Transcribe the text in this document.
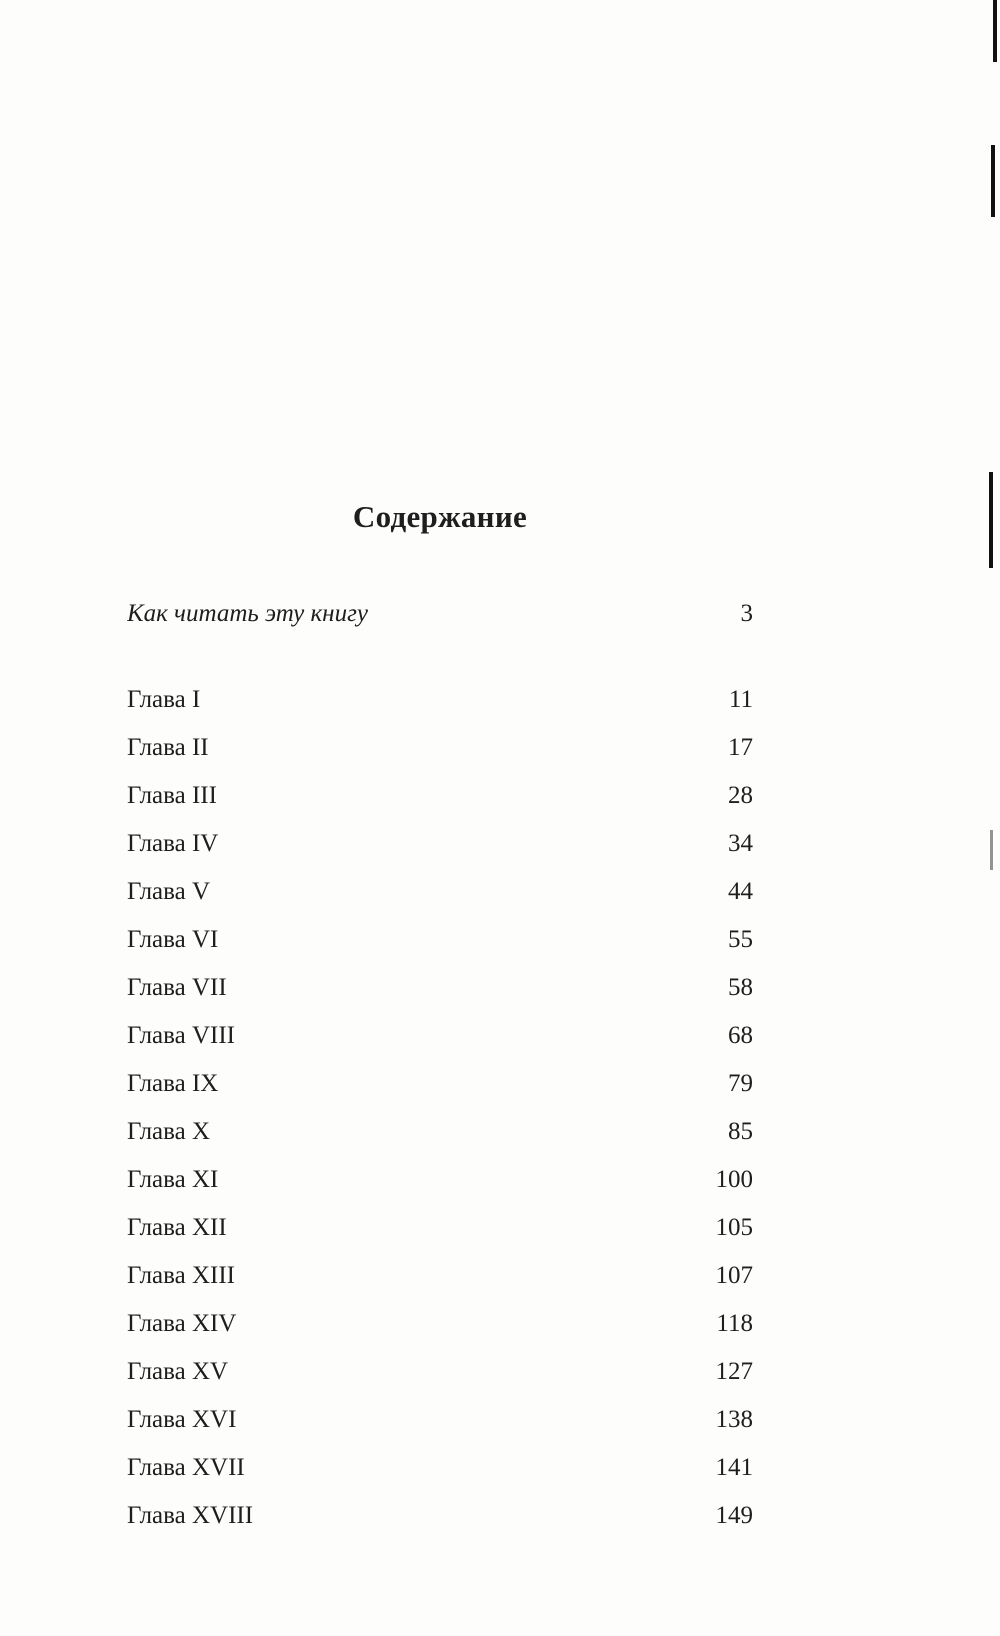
Содержание
Как читать эту книгу	3
Глава I	11
Глава II	17
Глава III	28
Глава IV	34
Глава V	44
Глава VI	55
Глава VII	58
Глава VIII	68
Глава IX	79
Глава X	85
Глава XI	100
Глава XII	105
Глава XIII	107
Глава XIV	118
Глава XV	127
Глава XVI	138
Глава XVII	141
Глава XVIII	149
